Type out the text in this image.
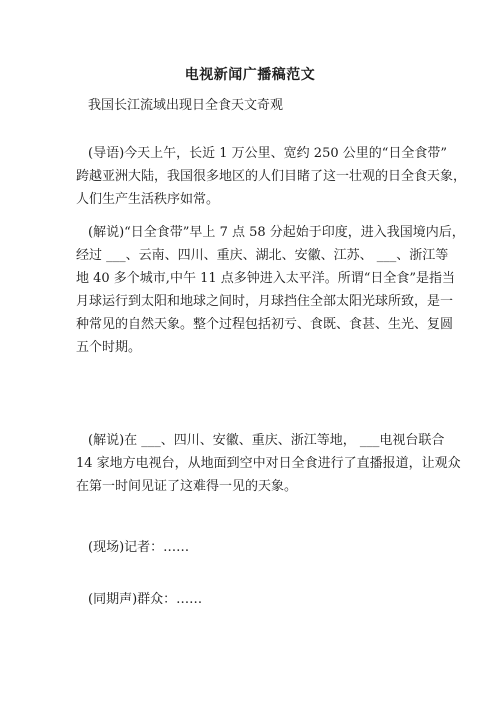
电视新闻广播稿范文
我国长江流域出现日全食天文奇观
(导语)今天上午，长近 1 万公里、宽约 250 公里的“日全食带”
跨越亚洲大陆，我国很多地区的人们目睹了这一壮观的日全食天象，
人们生产生活秩序如常。
(解说)“日全食带”早上 7 点 58 分起始于印度，进入我国境内后，
经过 ___、云南、四川、重庆、湖北、安徽、江苏、 ___、浙江等
地 40 多个城市,中午 11 点多钟进入太平洋。所谓“日全食”是指当
月球运行到太阳和地球之间时，月球挡住全部太阳光球所致，是一
种常见的自然天象。整个过程包括初亏、食既、食甚、生光、复圆
五个时期。
(解说)在 ___、四川、安徽、重庆、浙江等地， ___电视台联合
14 家地方电视台，从地面到空中对日全食进行了直播报道，让观众
在第一时间见证了这难得一见的天象。
(现场)记者：……
(同期声)群众：……
